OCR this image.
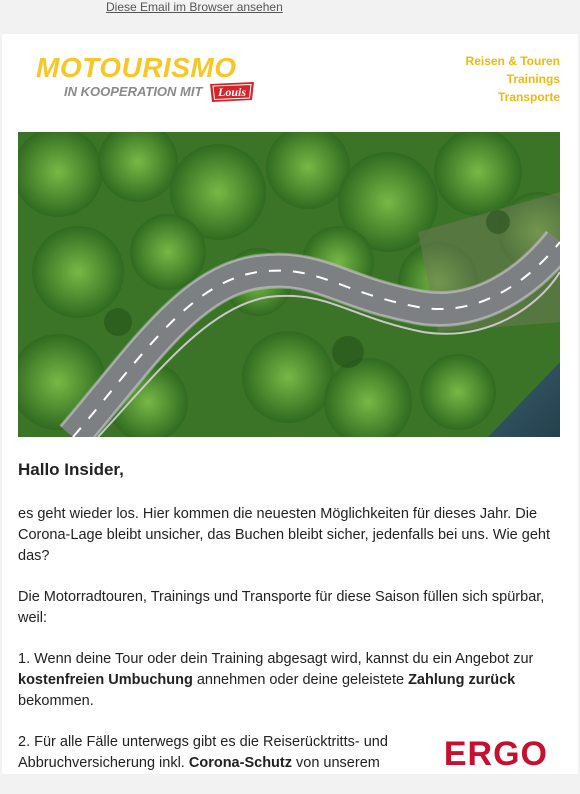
Diese Email im Browser ansehen
MOTOURISMO
IN KOOPERATION MIT Louis
Reisen & Touren
Trainings
Transporte
Hallo Insider,

es geht wieder los. Hier kommen die neuesten Möglichkeiten für dieses Jahr. Die Corona-Lage bleibt unsicher, das Buchen bleibt sicher, jedenfalls bei uns. Wie geht das?

Die Motorradtouren, Trainings und Transporte für diese Saison füllen sich spürbar, weil:

1. Wenn deine Tour oder dein Training abgesagt wird, kannst du ein Angebot zur kostenfreien Umbuchung annehmen oder deine geleistete Zahlung zurück bekommen.

2. Für alle Fälle unterwegs gibt es die Reiserücktritts- und Abbruchversicherung inkl. Corona-Schutz von unserem	ERGO
